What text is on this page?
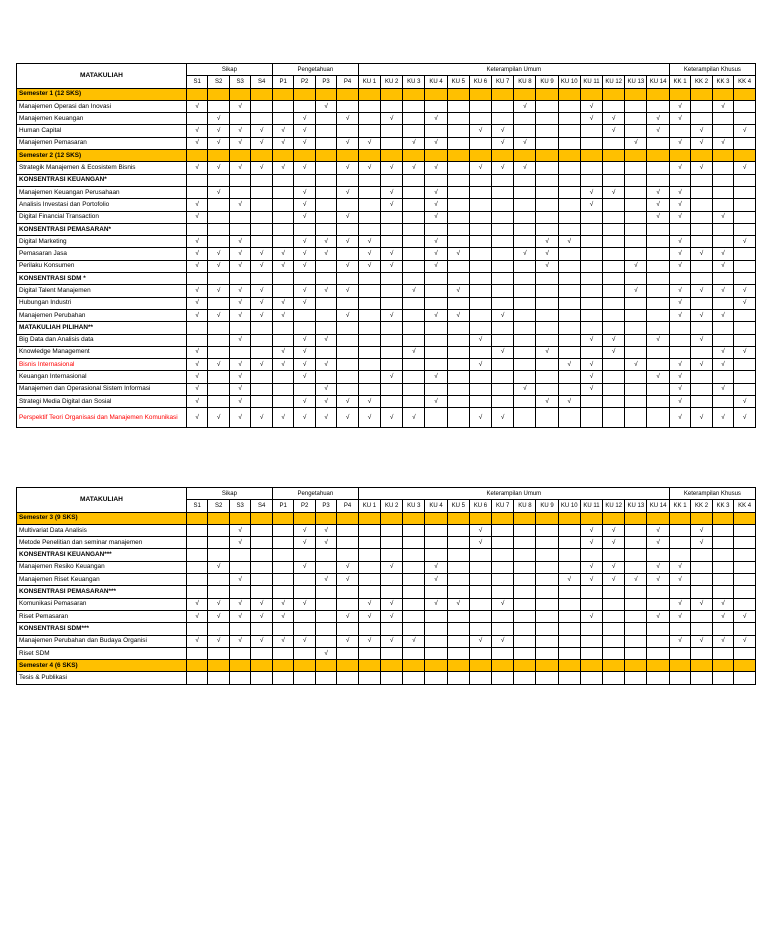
MATAKULIAH	Sikap				Pengetahuan				Keterampilan Umum														Keterampilan Khusus			
	S1	S2	S3	S4	P1	P2	P3	P4	KU 1	KU 2	KU 3	KU 4	KU 5	KU 6	KU 7	KU 8	KU 9	KU 10	KU 11	KU 12	KU 13	KU 14	KK 1	KK 2	KK 3	KK 4
Semester 1 (12 SKS)																										
Manajemen Operasi dan Inovasi	√		√				√									√			√				√		√	
Manajemen Keuangan		√				√		√		√		√							√	√		√	√			
Human Capital	√	√	√	√	√	√								√	√					√		√		√		√
Manajemen Pemasaran	√	√	√	√	√	√		√	√		√	√			√	√					√		√	√	√	
Semester 2 (12 SKS)																										
Strategik Manajemen & Ecosistem Bisnis	√	√	√	√	√	√		√	√	√	√	√		√	√	√							√	√		√
KONSENTRASI KEUANGAN*																										
Manajemen Keuangan Perusahaan		√				√		√		√		√							√	√		√	√			
Analisis Investasi dan Portofolio	√		√			√				√		√							√			√	√			
Digital Financial Transaction	√					√		√				√										√	√		√	
KONSENTRASI PEMASARAN*																										
Digital Marketing	√		√			√	√	√	√			√					√	√					√			√
Pemasaran Jasa	√	√	√	√	√	√	√		√	√		√	√			√	√						√	√	√	
Perilaku Konsumen	√	√	√	√	√	√		√	√	√		√					√				√		√		√	
KONSENTRASI SDM *																										
Digital Talent Manajemen	√	√	√	√		√	√	√			√		√								√		√	√	√	√
Hubungan Industri	√		√	√	√	√																	√			√
Manajemen Perubahan	√	√	√	√	√			√		√		√	√		√								√	√	√	
MATAKULIAH PILIHAN**																										
Big Data dan Analisis data			√			√	√							√					√	√		√		√		
Knowledge Management	√				√	√					√				√		√			√					√	√
Bisnis Internasional	√	√	√	√	√	√	√							√				√	√		√		√	√	√	
Keuangan Internasional	√		√			√				√		√							√			√	√			
Manajemen dan Operasional Sistem Informasi	√		√				√									√			√				√		√	
Strategi Media Digital dan Sosial	√		√			√	√	√	√			√					√	√					√			√
Perspektif Teori Organisasi dan Manajemen Komunikasi	√	√	√	√	√	√	√	√	√	√	√			√	√								√	√	√	√
MATAKULIAH	Sikap				Pengetahuan				Keterampilan Umum														Keterampilan Khusus			
	S1	S2	S3	S4	P1	P2	P3	P4	KU 1	KU 2	KU 3	KU 4	KU 5	KU 6	KU 7	KU 8	KU 9	KU 10	KU 11	KU 12	KU 13	KU 14	KK 1	KK 2	KK 3	KK 4
Semester 3 (9 SKS)																										
Multivariat Data Analisis			√			√	√							√					√	√		√		√		
Metode Penelitian dan seminar manajemen			√			√	√							√					√	√		√		√		
KONSENTRASI KEUANGAN***																										
Manajemen Resiko Keuangan		√				√		√		√		√							√	√		√	√			
Manajemen Riset Keuangan			√				√	√				√						√	√	√	√	√	√			
KONSENTRASI PEMASARAN***																										
Komunikasi Pemasaran	√	√	√	√	√	√			√	√		√	√		√								√	√	√	
Riset Pemasaran	√	√	√	√	√			√	√	√									√			√	√		√	√
KONSENTRASI SDM***																										
Manajemen Perubahan dan Budaya Organisi	√	√	√	√	√	√		√	√	√	√			√	√								√	√	√	√
Riset SDM							√																			
Semester 4 (6 SKS)																										
Tesis & Publikasi																										
